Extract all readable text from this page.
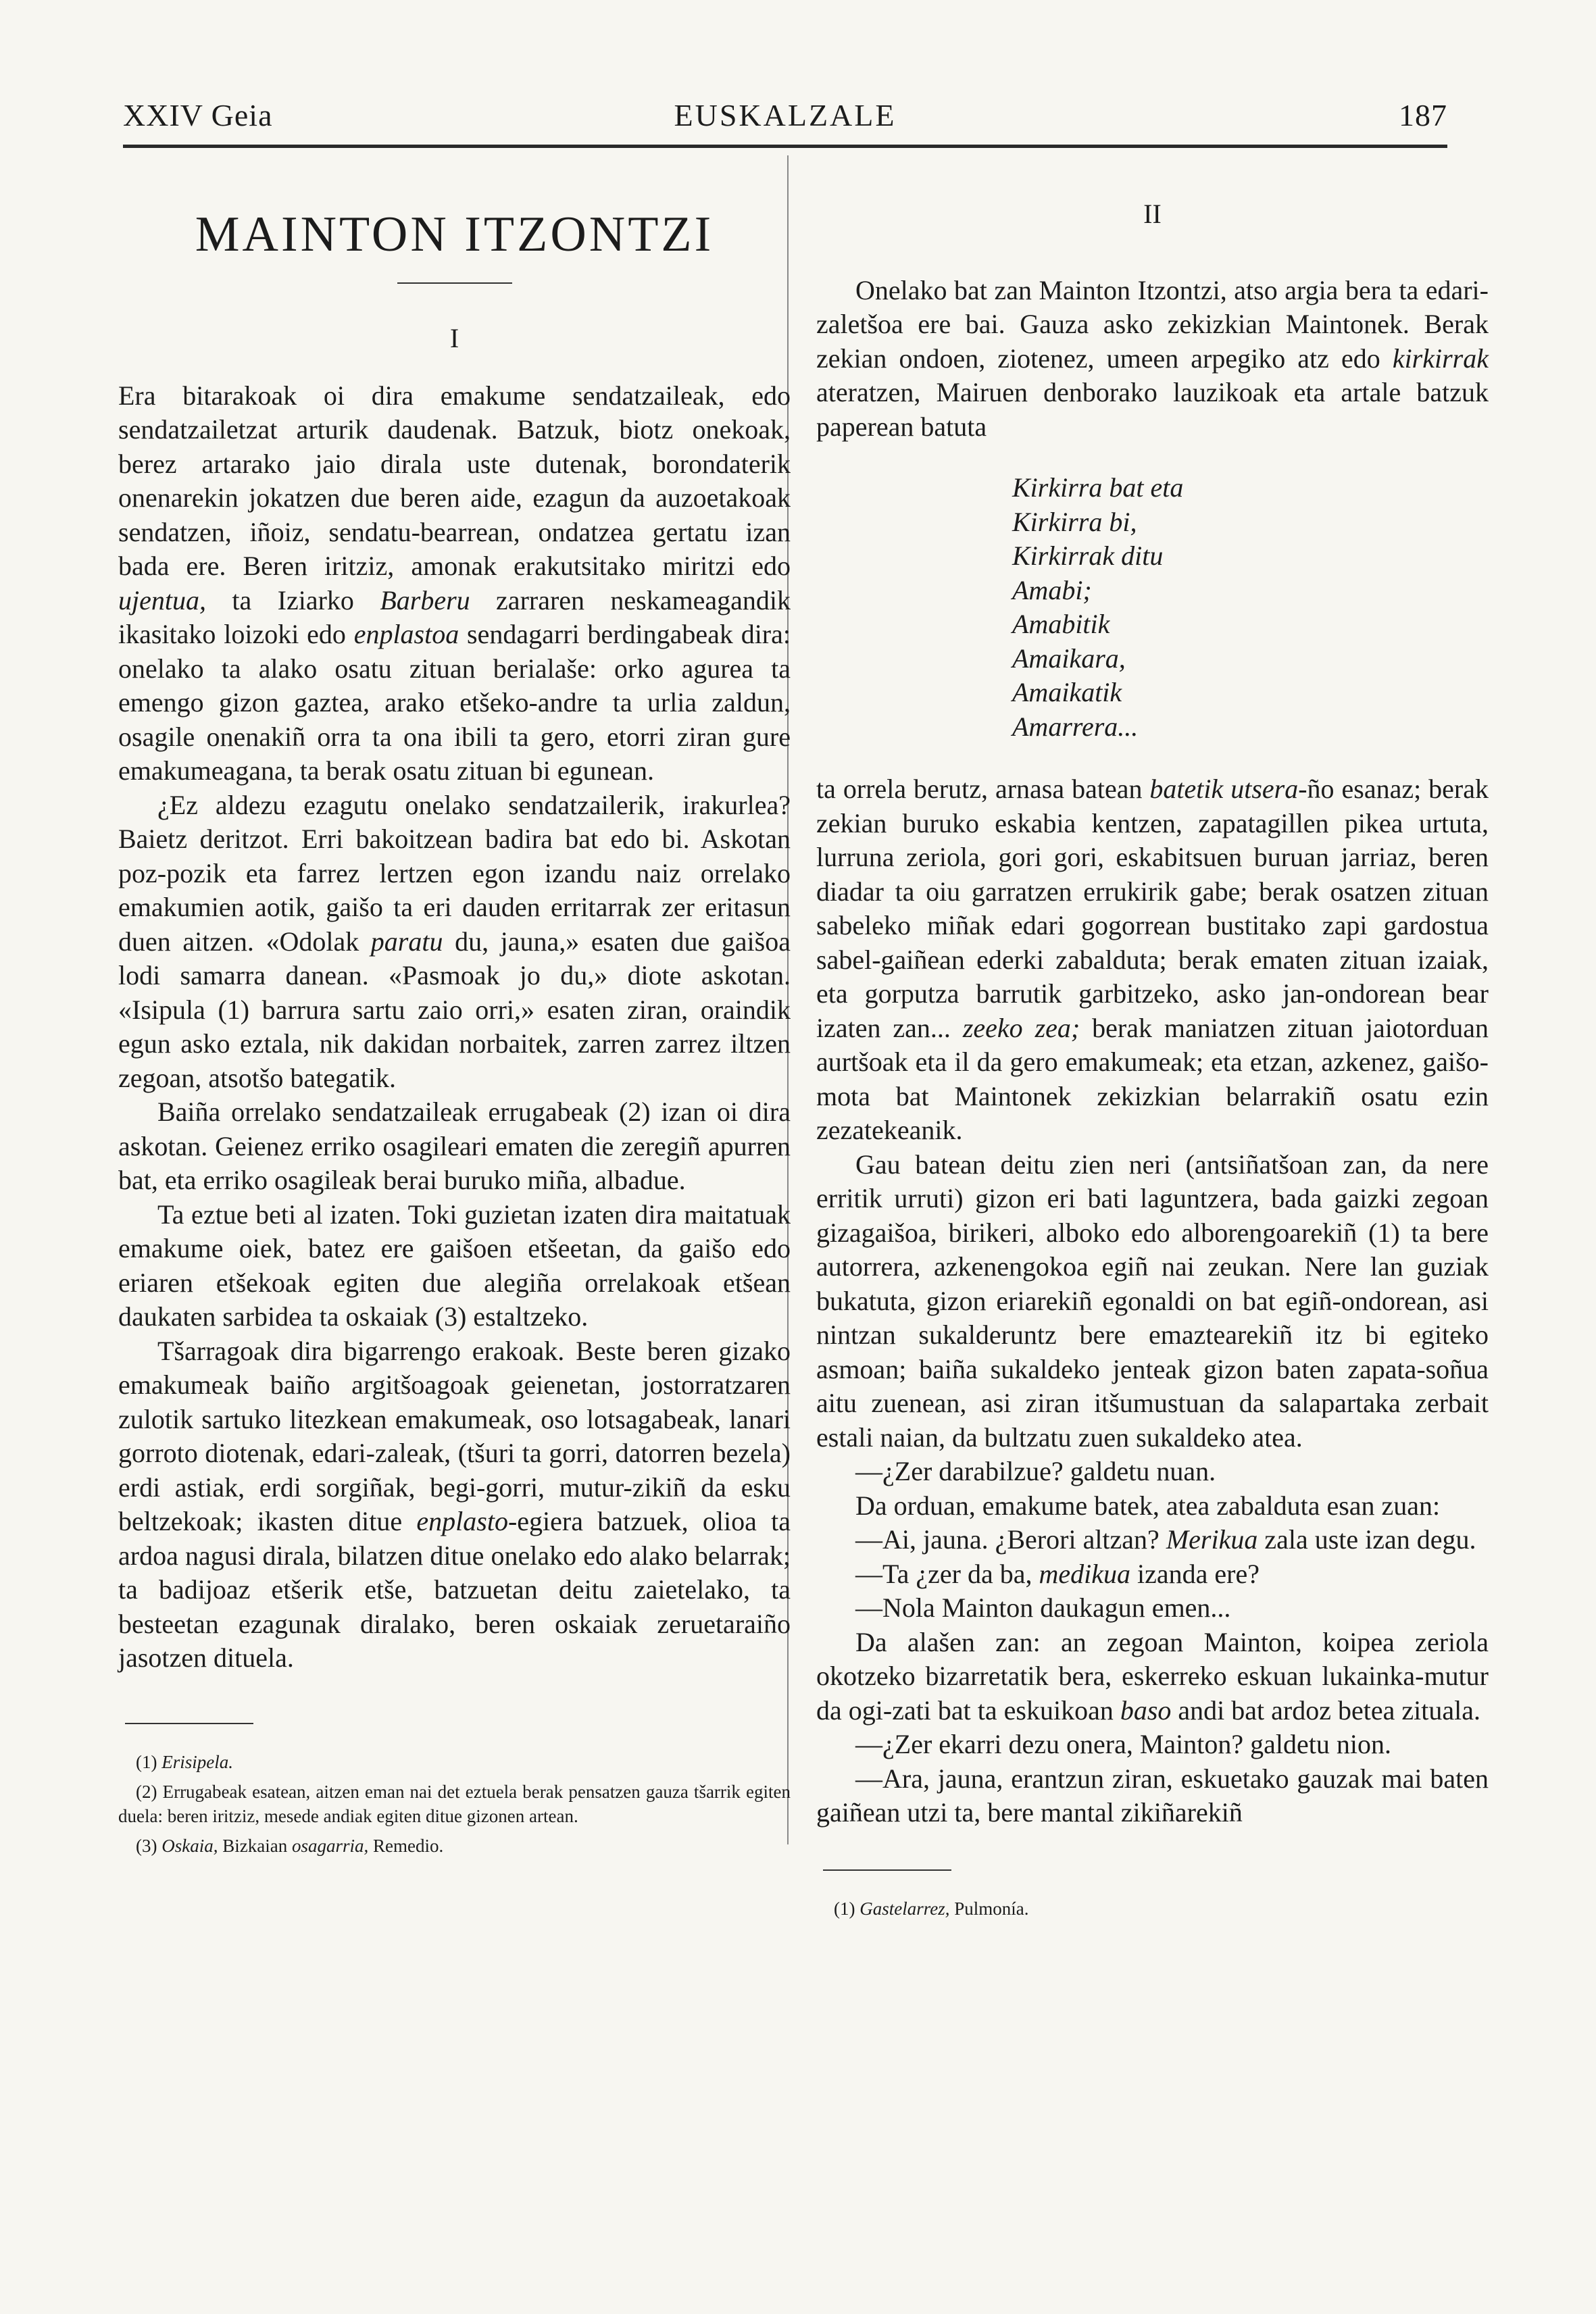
XXIV Geia	EUSKALZALE	187
MAINTON ITZONTZI
I

Era bitarakoak oi dira emakume sendatzaileak, edo sendatzailetzat arturik daudenak. Batzuk, biotz onekoak, berez artarako jaio dirala uste dutenak, borondaterik onenarekin jokatzen due beren aide, ezagun da auzoetakoak sendatzen, iñoiz, sendatu-bearrean, ondatzea gertatu izan bada ere. Beren iritziz, amonak erakutsitako miritzi edo ujentua, ta Iziarko Barberu zarraren neskameagandik ikasitako loizoki edo enplastoa sendagarri berdingabeak dira: onelako ta alako osatu zituan berialaše: orko agurea ta emengo gizon gaztea, arako etšeko-andre ta urlia zaldun, osagile onenakiñ orra ta ona ibili ta gero, etorri ziran gure emakumeagana, ta berak osatu zituan bi egunean.

¿Ez aldezu ezagutu onelako sendatzailerik, irakurlea? Baietz deritzot. Erri bakoitzean badira bat edo bi. Askotan poz-pozik eta farrez lertzen egon izandu naiz orrelako emakumien aotik, gaišo ta eri dauden erritarrak zer eritasun duen aitzen. «Odolak paratu du, jauna,» esaten due gaišoa lodi samarra danean. «Pasmoak jo du,» diote askotan. «Isipula (1) barrura sartu zaio orri,» esaten ziran, oraindik egun asko eztala, nik dakidan norbaitek, zarren zarrez iltzen zegoan, atsotšo bategatik.

Baiña orrelako sendatzaileak errugabeak (2) izan oi dira askotan. Geienez erriko osagileari ematen die zeregiñ apurren bat, eta erriko osagileak berai buruko miña, albadue.

Ta eztue beti al izaten. Toki guzietan izaten dira maitatuak emakume oiek, batez ere gaišoen etšeetan, da gaišo edo eriaren etšekoak egiten due alegiña orrelakoak etšean daukaten sarbidea ta oskaiak (3) estaltzeko.

Tšarragoak dira bigarrengo erakoak. Beste beren gizako emakumeak baiño argitšoagoak geienetan, jostorratzaren zulotik sartuko litezkean emakumeak, oso lotsagabeak, lanari gorroto diotenak, edari-zaleak, (tšuri ta gorri, datorren bezela) erdi astiak, erdi sorgiñak, begi-gorri, mutur-zikiñ da esku beltzekoak; ikasten ditue enplasto-egiera batzuek, olioa ta ardoa nagusi dirala, bilatzen ditue onelako edo alako belarrak; ta badijoaz etšerik etše, batzuetan deitu zaietelako, ta besteetan ezagunak diralako, beren oskaiak zeruetaraiño jasotzen dituela.

(1) Erisipela.
(2) Errugabeak esatean, aitzen eman nai det eztuela berak pensatzen gauza tšarrik egiten duela: beren iritziz, mesede andiak egiten ditue gizonen artean.
(3) Oskaia, Bizkaian osagarria, Remedio.
II

Onelako bat zan Mainton Itzontzi, atso argia bera ta edari-zaletšoa ere bai. Gauza asko zekizkian Maintonek. Berak zekian ondoen, ziotenez, umeen arpegiko atz edo kirkirrak ateratzen, Mairuen denborako lauzikoak eta artale batzuk paperean batuta

Kirkirra bat eta
Kirkirra bi,
Kirkirrak ditu
Amabi;
Amabitik
Amaikara,
Amaikatik
Amarrera...

ta orrela berutz, arnasa batean batetik utsera-ño esanaz; berak zekian buruko eskabia kentzen, zapatagillen pikea urtuta, lurruna zeriola, gori gori, eskabitsuen buruan jarriaz, beren diadar ta oiu garratzen errukirik gabe; berak osatzen zituan sabeleko miñak edari gogorrean bustitako zapi gardostua sabel-gaiñean ederki zabalduta; berak ematen zituan izaiak, eta gorputza barrutik garbitzeko, asko jan-ondorean bear izaten zan... zeeko zea; berak maniatzen zituan jaiotorduan aurtšoak eta il da gero emakumeak; eta etzan, azkenez, gaišo-mota bat Maintonek zekizkian belarrakiñ osatu ezin zezatekeanik.

Gau batean deitu zien neri (antsiñatšoan zan, da nere erritik urruti) gizon eri bati laguntzera, bada gaizki zegoan gizagaišoa, birikeri, alboko edo alborengoarekiñ (1) ta bere autorrera, azkenengokoa egiñ nai zeukan. Nere lan guziak bukatuta, gizon eriarekiñ egonaldi on bat egiñ-ondorean, asi nintzan sukalderuntz bere emaztearekiñ itz bi egiteko asmoan; baiña sukaldeko jenteak gizon baten zapata-soñua aitu zuenean, asi ziran itšumustuan da salapartaka zerbait estali naian, da bultzatu zuen sukaldeko atea.

—¿Zer darabilzue? galdetu nuan.

Da orduan, emakume batek, atea zabalduta esan zuan:

—Ai, jauna. ¿Berori altzan? Merikua zala uste izan degu.

—Ta ¿zer da ba, medikua izanda ere?

—Nola Mainton daukagun emen...

Da alašen zan: an zegoan Mainton, koipea zeriola okotzeko bizarretatik bera, eskerreko eskuan lukainka-mutur da ogi-zati bat ta eskuikoan baso andi bat ardoz betea zituala.

—¿Zer ekarri dezu onera, Mainton? galdetu nion.

—Ara, jauna, erantzun ziran, eskuetako gauzak mai baten gaiñean utzi ta, bere mantal zikiñarekiñ

(1) Gastelarrez, Pulmonía.
